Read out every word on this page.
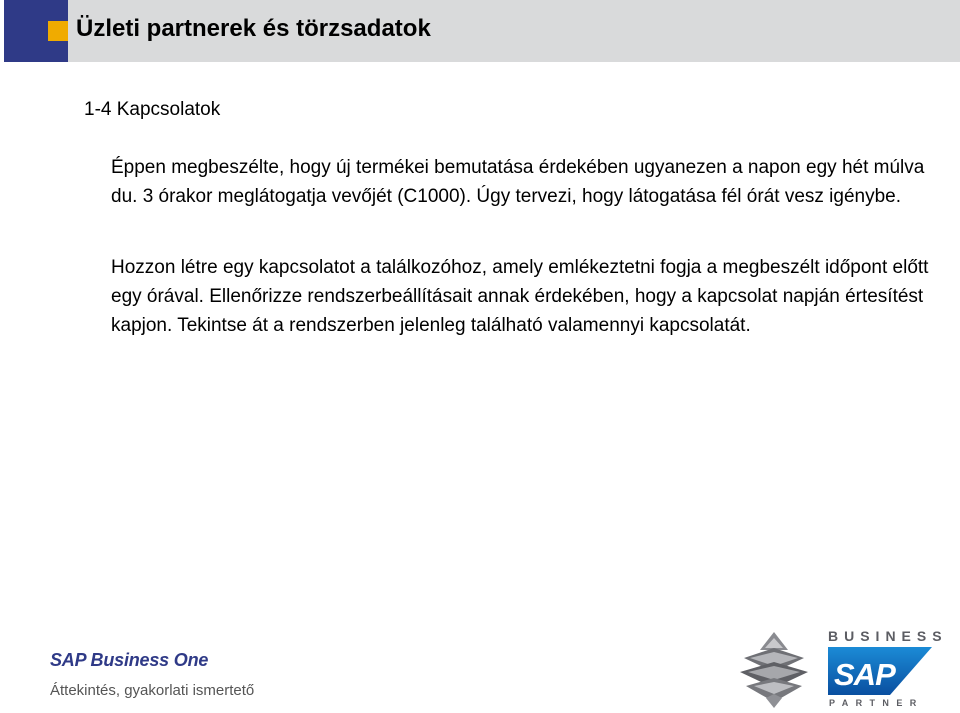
Üzleti partnerek és törzsadatok
1-4 Kapcsolatok
Éppen megbeszélte, hogy új termékei bemutatása érdekében ugyanezen a napon egy hét múlva du. 3 órakor meglátogatja vevőjét (C1000). Úgy tervezi, hogy látogatása fél órát vesz igénybe.
Hozzon létre egy kapcsolatot a találkozóhoz, amely emlékeztetni fogja a megbeszélt időpont előtt egy órával. Ellenőrizze rendszerbeállításait annak érdekében, hogy a kapcsolat napján értesítést kapjon. Tekintse át a rendszerben jelenleg található valamennyi kapcsolatát.
SAP Business One
Áttekintés, gyakorlati ismertető
BUSINESS
SAP
PARTNER
